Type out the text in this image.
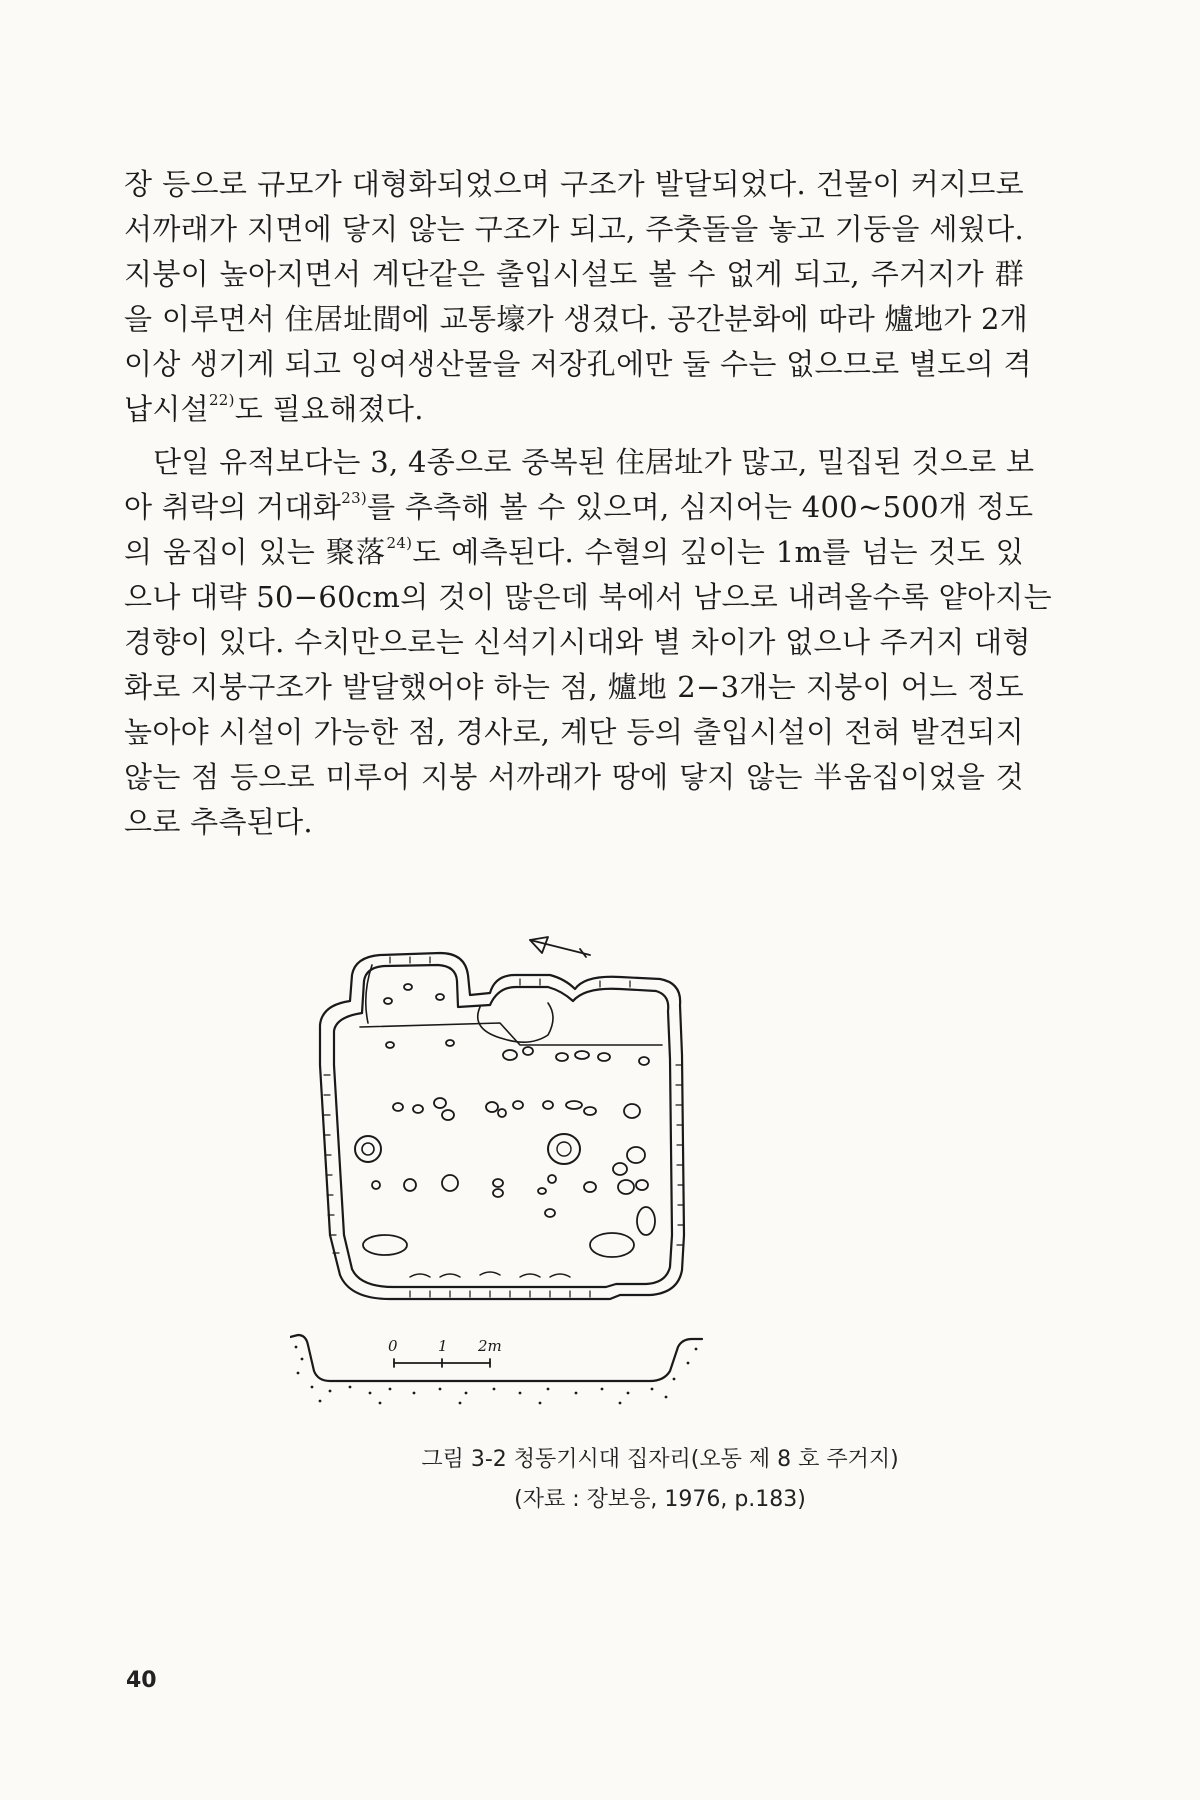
장 등으로 규모가 대형화되었으며 구조가 발달되었다. 건물이 커지므로
서까래가 지면에 닿지 않는 구조가 되고, 주춧돌을 놓고 기둥을 세웠다.
지붕이 높아지면서 계단같은 출입시설도 볼 수 없게 되고, 주거지가 群
을 이루면서 住居址間에 교통壕가 생겼다. 공간분화에 따라 爐地가 2개
이상 생기게 되고 잉여생산물을 저장孔에만 둘 수는 없으므로 별도의 격
납시설$^{22)}$도 필요해졌다.
단일 유적보다는 3, 4종으로 중복된 住居址가 많고, 밀집된 것으로 보
아 취락의 거대화$^{23)}$를 추측해 볼 수 있으며, 심지어는 400~500개 정도
의 움집이 있는 聚落$^{24)}$도 예측된다. 수혈의 깊이는 1m를 넘는 것도 있
으나 대략 50−60cm의 것이 많은데 북에서 남으로 내려올수록 얕아지는
경향이 있다. 수치만으로는 신석기시대와 별 차이가 없으나 주거지 대형
화로 지붕구조가 발달했어야 하는 점, 爐地 2−3개는 지붕이 어느 정도
높아야 시설이 가능한 점, 경사로, 계단 등의 출입시설이 전혀 발견되지
않는 점 등으로 미루어 지붕 서까래가 땅에 닿지 않는 半움집이었을 것
으로 추측된다.
0	1 2m
그림 3-2 청동기시대 집자리(오동 제 8 호 주거지)
(자료 : 장보응, 1976, p.183)
40
